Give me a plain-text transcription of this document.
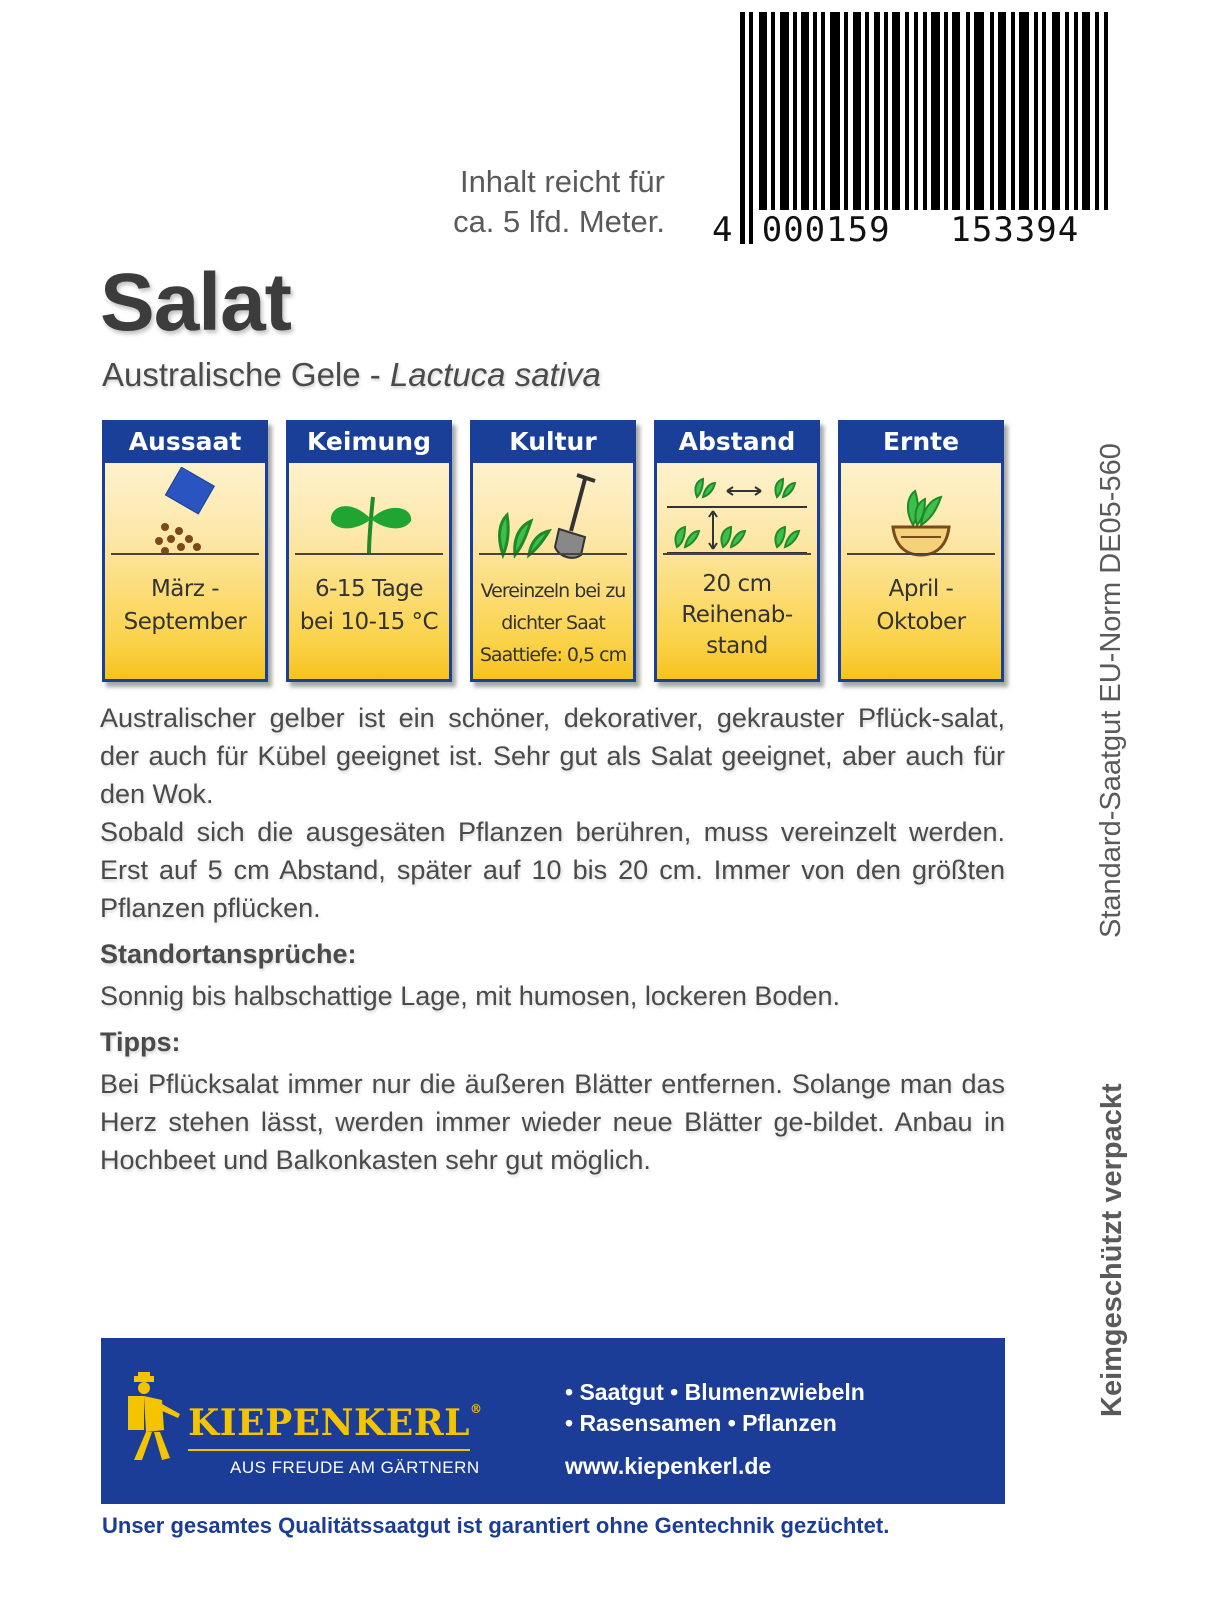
4 000159	153394
Inhalt reicht für
ca. 5 lfd. Meter.
Salat
Australische Gele - Lactuca sativa
Aussaat
März -
September
Keimung
6-15 Tage
bei 10-15 °C
Kultur
Vereinzeln bei zu
dichter Saat
Saattiefe: 0,5 cm
Abstand
20 cm
Reihenab-
stand
Ernte
April -
Oktober
Australischer gelber ist ein schöner, dekorativer, gekrauster Pflück-salat, der auch für Kübel geeignet ist. Sehr gut als Salat geeignet, aber auch für den Wok.
Sobald sich die ausgesäten Pflanzen berühren, muss vereinzelt werden. Erst auf 5 cm Abstand, später auf 10 bis 20 cm. Immer von den größten Pflanzen pflücken.
Standortansprüche:
Sonnig bis halbschattige Lage, mit humosen, lockeren Boden.
Tipps:
Bei Pflücksalat immer nur die äußeren Blätter entfernen. Solange man das Herz stehen lässt, werden immer wieder neue Blätter ge-bildet. Anbau in Hochbeet und Balkonkasten sehr gut möglich.
Standard-Saatgut EU-Norm DE05-560
Keimgeschützt verpackt
KIEPENKERL®
AUS FREUDE AM GÄRTNERN
• Saatgut • Blumenzwiebeln
• Rasensamen • Pflanzen
www.kiepenkerl.de
Unser gesamtes Qualitätssaatgut ist garantiert ohne Gentechnik gezüchtet.
